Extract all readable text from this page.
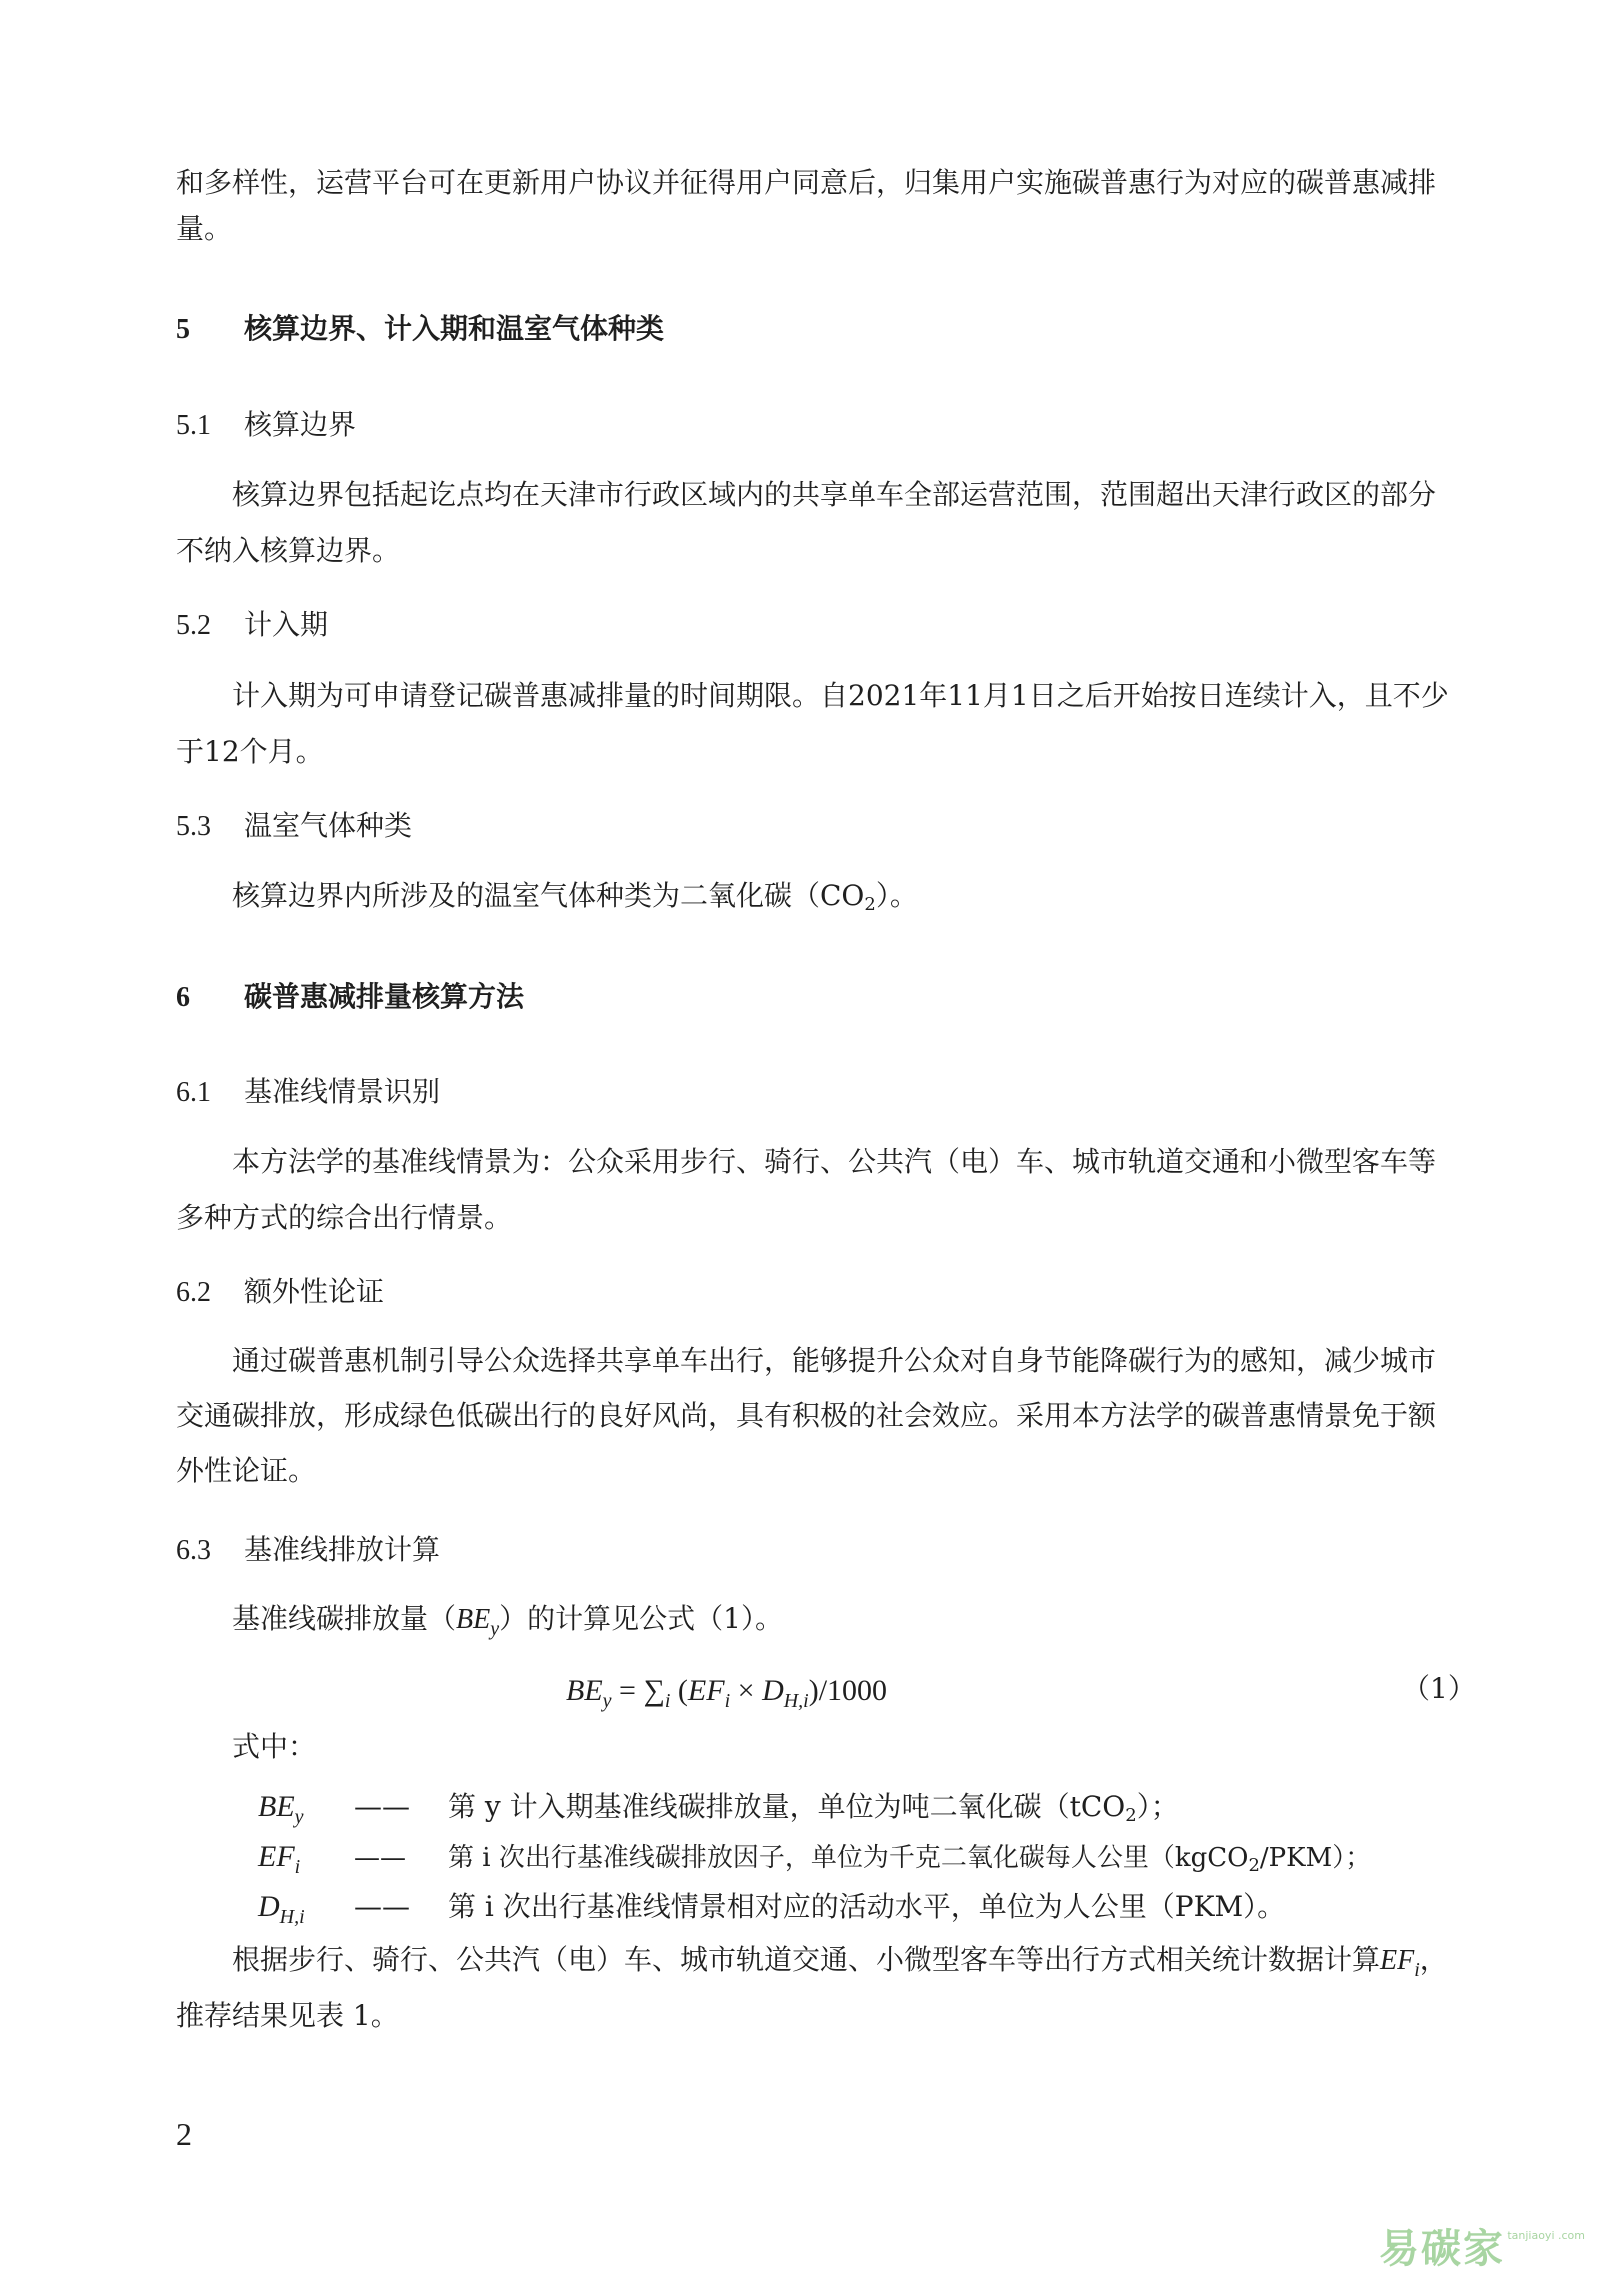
和多样性，运营平台可在更新用户协议并征得用户同意后，归集用户实施碳普惠行为对应的碳普惠减排
量。
5 核算边界、计入期和温室气体种类
5.1 核算边界
核算边界包括起讫点均在天津市行政区域内的共享单车全部运营范围，范围超出天津行政区的部分
不纳入核算边界。
5.2 计入期
计入期为可申请登记碳普惠减排量的时间期限。自2021年11月1日之后开始按日连续计入，且不少
于12个月。
5.3 温室气体种类
核算边界内所涉及的温室气体种类为二氧化碳（CO2）。
6 碳普惠减排量核算方法
6.1 基准线情景识别
本方法学的基准线情景为：公众采用步行、骑行、公共汽（电）车、城市轨道交通和小微型客车等
多种方式的综合出行情景。
6.2 额外性论证
通过碳普惠机制引导公众选择共享单车出行，能够提升公众对自身节能降碳行为的感知，减少城市
交通碳排放，形成绿色低碳出行的良好风尚，具有积极的社会效应。采用本方法学的碳普惠情景免于额
外性论证。
6.3 基准线排放计算
基准线碳排放量$(BE_y)$的计算见公式（1）。
$BE_y = \sum_i$ $(EF_i \times D_{H,i})/1000$	（1）
式中：
$BE_y$ —— 第 y 计入期基准线碳排放量，单位为吨二氧化碳（tCO2）；
$EF_i$ —— 第 i 次出行基准线碳排放因子，单位为千克二氧化碳每人公里（kgCO2/PKM）；
$D_{H,i}$ —— 第 i 次出行基准线情景相对应的活动水平，单位为人公里（PKM）。
根据步行、骑行、公共汽（电）车、城市轨道交通、小微型客车等出行方式相关统计数据计算$EF_i$，
推荐结果见表 1。
2
易碳家 tanjiaoyi .com
